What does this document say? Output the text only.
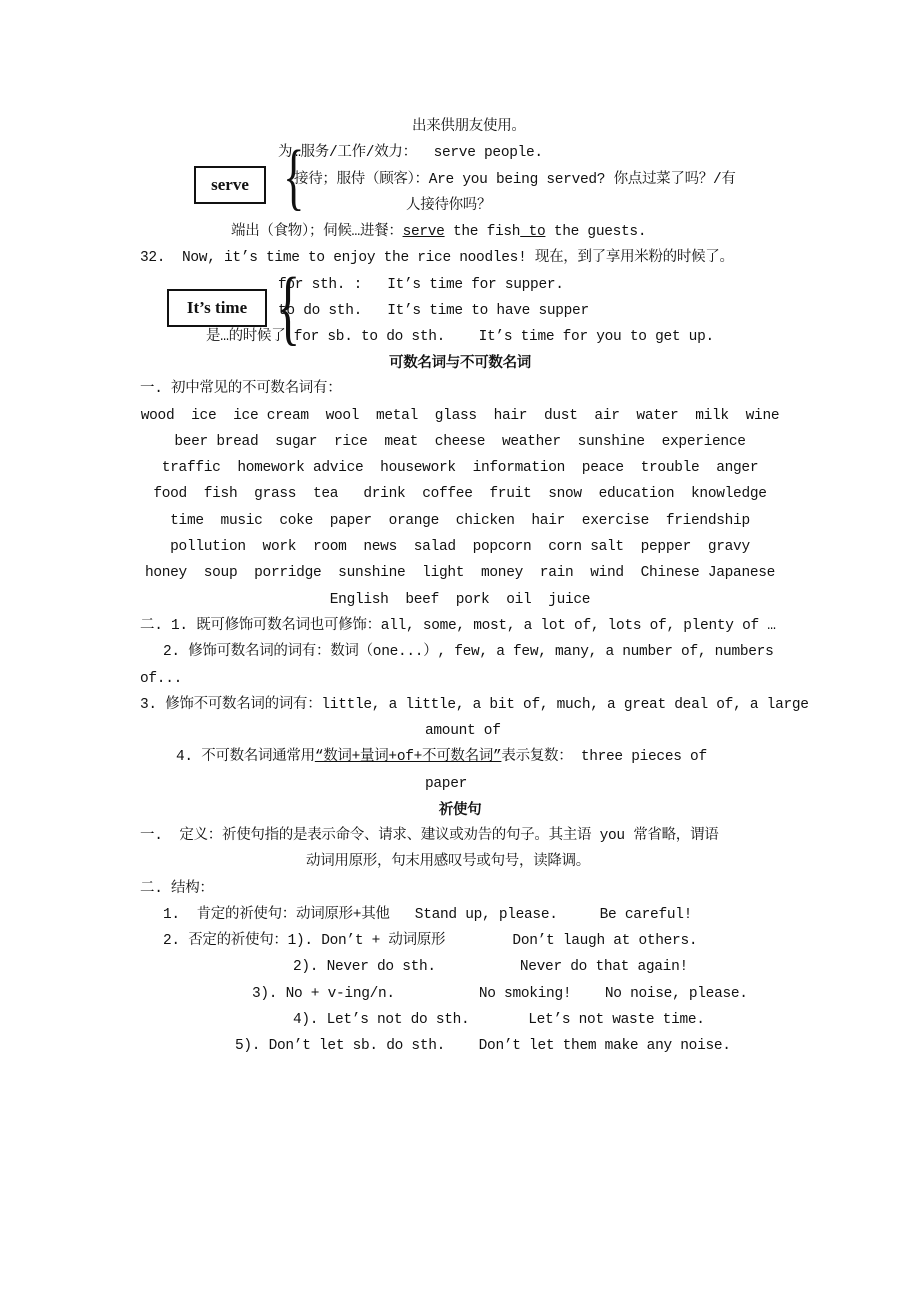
出来供朋友使用。
serve {
为…服务/工作/效力：  serve people.
接待；服侍（顾客）：Are you being served? 你点过菜了吗？/有
人接待你吗？
端出（食物）；伺候…进餐：serve the fish to the guests.
32.  Now, it’s time to enjoy the rice noodles! 现在，到了享用米粉的时候了。
It’s time {
for sth. :   It’s time for supper.
to do sth.   It’s time to have supper
是…的时候了 for sb. to do sth.    It’s time for you to get up.
可数名词与不可数名词
一. 初中常见的不可数名词有：
wood  ice  ice cream  wool  metal  glass  hair  dust  air  water  milk  wine
beer bread  sugar  rice  meat  cheese  weather  sunshine  experience
traffic  homework advice  housework  information  peace  trouble  anger
food  fish  grass  tea   drink  coffee  fruit  snow  education  knowledge
time  music  coke  paper  orange  chicken  hair  exercise  friendship
pollution  work  room  news  salad  popcorn  corn salt  pepper  gravy
honey  soup  porridge  sunshine  light  money  rain  wind  Chinese Japanese
English  beef  pork  oil  juice
二. 1. 既可修饰可数名词也可修饰：all, some, most, a lot of, lots of, plenty of …
2. 修饰可数名词的词有：数词（one...）, few, a few, many, a number of, numbers
of...
3. 修饰不可数名词的词有：little, a little, a bit of, much, a great deal of, a large
amount of
4. 不可数名词通常用“数词+量词+of+不可数名词”表示复数： three pieces of
paper
祈使句
一.  定义：祈使句指的是表示命令、请求、建议或劝告的句子。其主语 you 常省略，谓语
动词用原形，句末用感叹号或句号，读降调。
二. 结构：
1.  肯定的祈使句：动词原形+其他   Stand up, please.     Be careful!
2. 否定的祈使句：1). Don’t + 动词原形        Don’t laugh at others.
2). Never do sth.          Never do that again!
3). No + v-ing/n.          No smoking!    No noise, please.
4). Let’s not do sth.       Let’s not waste time.
5). Don’t let sb. do sth.    Don’t let them make any noise.
